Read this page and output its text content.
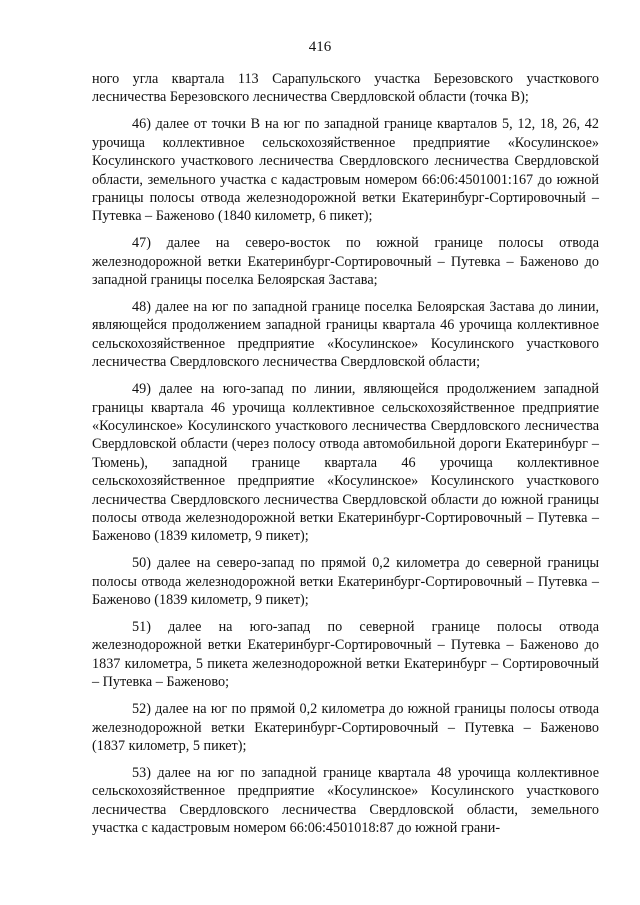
416

ного угла квартала 113 Сарапульского участка Березовского участкового лесничества Березовского лесничества Свердловской области (точка В);

46) далее от точки В на юг по западной границе кварталов 5, 12, 18, 26, 42 урочища коллективное сельскохозяйственное предприятие «Косулинское» Косулинского участкового лесничества Свердловского лесничества Свердловской области, земельного участка с кадастровым номером 66:06:4501001:167 до южной границы полосы отвода железнодорожной ветки Екатеринбург-Сортировочный – Путевка – Баженово (1840 километр, 6 пикет);

47) далее на северо-восток по южной границе полосы отвода железнодорожной ветки Екатеринбург-Сортировочный – Путевка – Баженово до западной границы поселка Белоярская Застава;

48) далее на юг по западной границе поселка Белоярская Застава до линии, являющейся продолжением западной границы квартала 46 урочища коллективное сельскохозяйственное предприятие «Косулинское» Косулинского участкового лесничества Свердловского лесничества Свердловской области;

49) далее на юго-запад по линии, являющейся продолжением западной границы квартала 46 урочища коллективное сельскохозяйственное предприятие «Косулинское» Косулинского участкового лесничества Свердловского лесничества Свердловской области (через полосу отвода автомобильной дороги Екатеринбург – Тюмень), западной границе квартала 46 урочища коллективное сельскохозяйственное предприятие «Косулинское» Косулинского участкового лесничества Свердловского лесничества Свердловской области до южной границы полосы отвода железнодорожной ветки Екатеринбург-Сортировочный – Путевка – Баженово (1839 километр, 9 пикет);

50) далее на северо-запад по прямой 0,2 километра до северной границы полосы отвода железнодорожной ветки Екатеринбург-Сортировочный – Путевка – Баженово (1839 километр, 9 пикет);

51) далее на юго-запад по северной границе полосы отвода железнодорожной ветки Екатеринбург-Сортировочный – Путевка – Баженово до 1837 километра, 5 пикета железнодорожной ветки Екатеринбург – Сортировочный – Путевка – Баженово;

52) далее на юг по прямой 0,2 километра до южной границы полосы отвода железнодорожной ветки Екатеринбург-Сортировочный – Путевка – Баженово (1837 километр, 5 пикет);

53) далее на юг по западной границе квартала 48 урочища коллективное сельскохозяйственное предприятие «Косулинское» Косулинского участкового лесничества Свердловского лесничества Свердловской области, земельного участка с кадастровым номером 66:06:4501018:87 до южной грани-
